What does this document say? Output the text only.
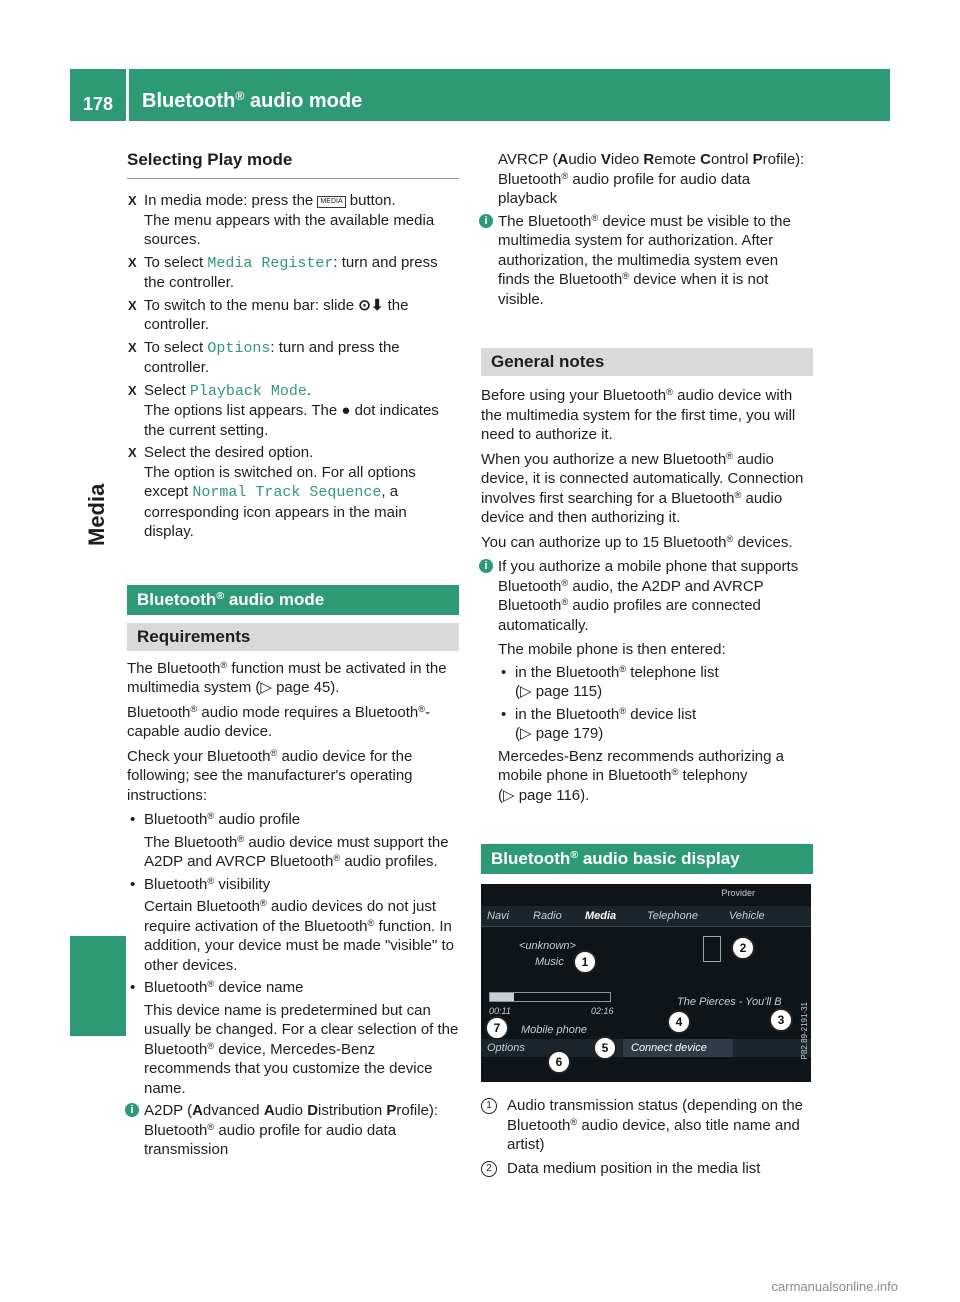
178	Bluetooth® audio mode
Media
Selecting Play mode
X In media mode: press the MEDIA button.
The menu appears with the available media sources.
X To select Media Register: turn and press the controller.
X To switch to the menu bar: slide ⊙⬇ the controller.
X To select Options: turn and press the controller.
X Select Playback Mode.
The options list appears. The ● dot indicates the current setting.
X Select the desired option.
The option is switched on. For all options except Normal Track Sequence, a corresponding icon appears in the main display.
Bluetooth® audio mode
Requirements

The Bluetooth® function must be activated in the multimedia system (▷ page 45).

Bluetooth® audio mode requires a Bluetooth®-capable audio device.

Check your Bluetooth® audio device for the following; see the manufacturer's operating instructions:

• Bluetooth® audio profile
The Bluetooth® audio device must support the A2DP and AVRCP Bluetooth® audio profiles.
• Bluetooth® visibility
Certain Bluetooth® audio devices do not just require activation of the Bluetooth® function. In addition, your device must be made "visible" to other devices.
• Bluetooth® device name
This device name is predetermined but can usually be changed. For a clear selection of the Bluetooth® device, Mercedes-Benz recommends that you customize the device name.
i A2DP (Advanced Audio Distribution Profile):
Bluetooth® audio profile for audio data transmission
AVRCP (Audio Video Remote Control Profile):
Bluetooth® audio profile for audio data playback
i The Bluetooth® device must be visible to the multimedia system for authorization. After authorization, the multimedia system even finds the Bluetooth® device when it is not visible.
General notes

Before using your Bluetooth® audio device with the multimedia system for the first time, you will need to authorize it.

When you authorize a new Bluetooth® audio device, it is connected automatically. Connection involves first searching for a Bluetooth® audio device and then authorizing it.

You can authorize up to 15 Bluetooth® devices.

i If you authorize a mobile phone that supports Bluetooth® audio, the A2DP and AVRCP Bluetooth® audio profiles are connected automatically.
The mobile phone is then entered:
• in the Bluetooth® telephone list
(▷ page 115)
• in the Bluetooth® device list
(▷ page 179)
Mercedes-Benz recommends authorizing a mobile phone in Bluetooth® telephony
(▷ page 116).
Bluetooth® audio basic display
Provider
Navi Radio Media	Telephone	Vehicle
<unknown>
Music
00:11	02:16
The Pierces - You'll B
Mobile phone
Options	Connect device	P82.89-2191-31
1
2
3
4
5
6
7
1	Audio transmission status (depending on the Bluetooth® audio device, also title name and artist)
2	Data medium position in the media list
carmanualsonline.info
